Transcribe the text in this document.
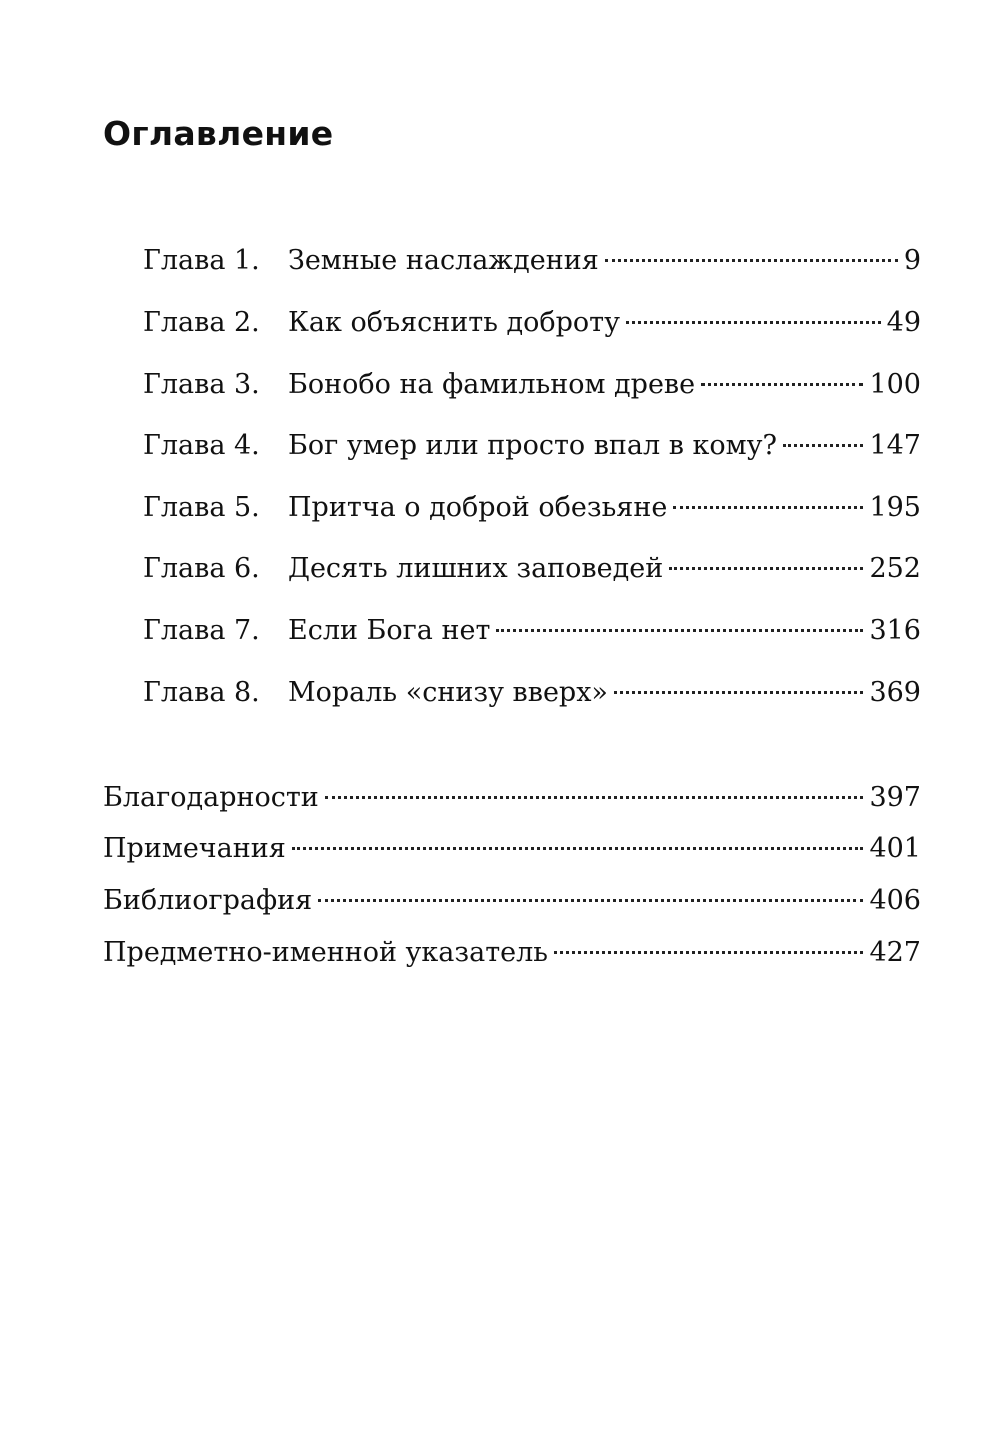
Оглавление
Глава 1.	Земные наслаждения	9
Глава 2.	Как объяснить доброту	49
Глава 3.	Бонобо на фамильном древе	100
Глава 4.	Бог умер или просто впал в кому?	147
Глава 5.	Притча о доброй обезьяне	195
Глава 6.	Десять лишних заповедей	252
Глава 7.	Если Бога нет	316
Глава 8.	Мораль «снизу вверх»	369
Благодарности	397
Примечания	401
Библиография	406
Предметно-именной указатель	427
